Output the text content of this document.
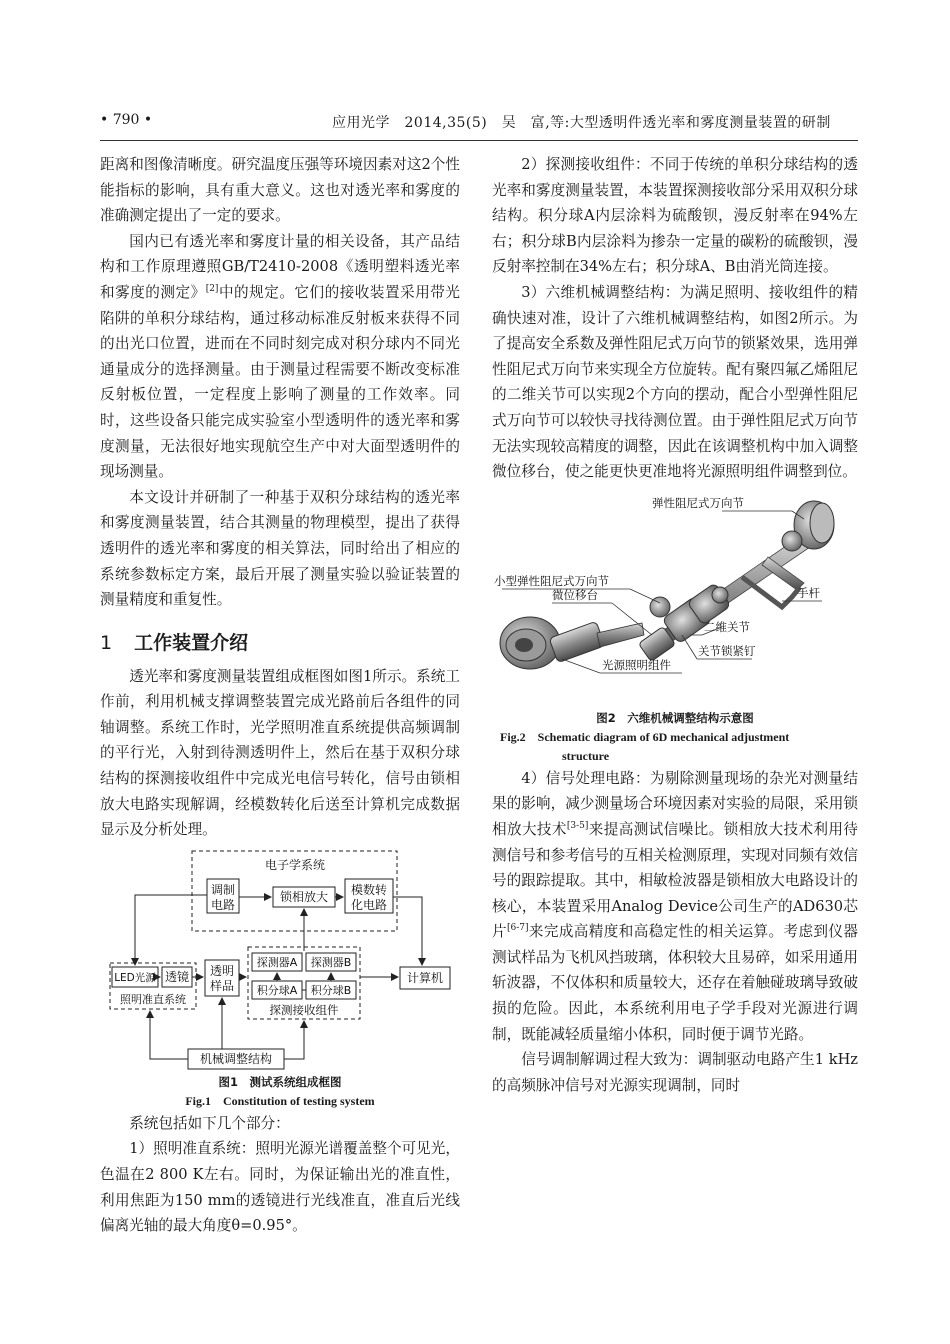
• 790 •	应用光学　2014,35(5)　吴　富,等:大型透明件透光率和雾度测量装置的研制

距离和图像清晰度。研究温度压强等环境因素对这2个性能指标的影响，具有重大意义。这也对透光率和雾度的准确测定提出了一定的要求。

国内已有透光率和雾度计量的相关设备，其产品结构和工作原理遵照GB/T2410-2008《透明塑料透光率和雾度的测定》[2]中的规定。它们的接收装置采用带光陷阱的单积分球结构，通过移动标准反射板来获得不同的出光口位置，进而在不同时刻完成对积分球内不同光通量成分的选择测量。由于测量过程需要不断改变标准反射板位置，一定程度上影响了测量的工作效率。同时，这些设备只能完成实验室小型透明件的透光率和雾度测量，无法很好地实现航空生产中对大面型透明件的现场测量。

本文设计并研制了一种基于双积分球结构的透光率和雾度测量装置，结合其测量的物理模型，提出了获得透明件的透光率和雾度的相关算法，同时给出了相应的系统参数标定方案，最后开展了测量实验以验证装置的测量精度和重复性。

1 工作装置介绍

透光率和雾度测量装置组成框图如图1所示。系统工作前，利用机械支撑调整装置完成光路前后各组件的同轴调整。系统工作时，光学照明准直系统提供高频调制的平行光，入射到待测透明件上，然后在基于双积分球结构的探测接收组件中完成光电信号转化，信号由锁相放大电路实现解调，经模数转化后送至计算机完成数据显示及分析处理。

电子学系统
调制
电路
锁相放大 模数转
化电路
LED光源 透镜
照明准直系统
透明
样品
探测器A 探测器B
积分球A 积分球B
探测接收组件
计算机
机械调整结构
图1　测试系统组成框图
Fig.1　Constitution of testing system

系统包括如下几个部分：

1）照明准直系统：照明光源光谱覆盖整个可见光，色温在2 800 K左右。同时，为保证输出光的准直性，利用焦距为150 mm的透镜进行光线准直，准直后光线偏离光轴的最大角度θ=0.95°。

2）探测接收组件：不同于传统的单积分球结构的透光率和雾度测量装置，本装置探测接收部分采用双积分球结构。积分球A内层涂料为硫酸钡，漫反射率在94%左右；积分球B内层涂料为掺杂一定量的碳粉的硫酸钡，漫反射率控制在34%左右；积分球A、B由消光筒连接。

3）六维机械调整结构：为满足照明、接收组件的精确快速对准，设计了六维机械调整结构，如图2所示。为了提高安全系数及弹性阻尼式万向节的锁紧效果，选用弹性阻尼式万向节来实现全方位旋转。配有聚四氟乙烯阻尼的二维关节可以实现2个方向的摆动，配合小型弹性阻尼式万向节可以较快寻找待测位置。由于弹性阻尼式万向节无法实现较高精度的调整，因此在该调整机构中加入调整微位移台，使之能更快更准地将光源照明组件调整到位。

弹性阻尼式万向节
小型弹性阻尼式万向节
微位移台	手杆
二维关节
关节锁紧钉
光源照明组件
图2　六维机械调整结构示意图
Fig.2　Schematic diagram of 6D mechanical adjustment
structure

4）信号处理电路：为剔除测量现场的杂光对测量结果的影响，减少测量场合环境因素对实验的局限，采用锁相放大技术[3-5]来提高测试信噪比。锁相放大技术利用待测信号和参考信号的互相关检测原理，实现对同频有效信号的跟踪提取。其中，相敏检波器是锁相放大电路设计的核心，本装置采用Analog Device公司生产的AD630芯片[6-7]来完成高精度和高稳定性的相关运算。考虑到仪器测试样品为飞机风挡玻璃，体积较大且易碎，如采用通用斩波器，不仅体积和质量较大，还存在着触碰玻璃导致破损的危险。因此，本系统利用电子学手段对光源进行调制，既能减轻质量缩小体积，同时便于调节光路。

信号调制解调过程大致为：调制驱动电路产生1 kHz的高频脉冲信号对光源实现调制，同时
